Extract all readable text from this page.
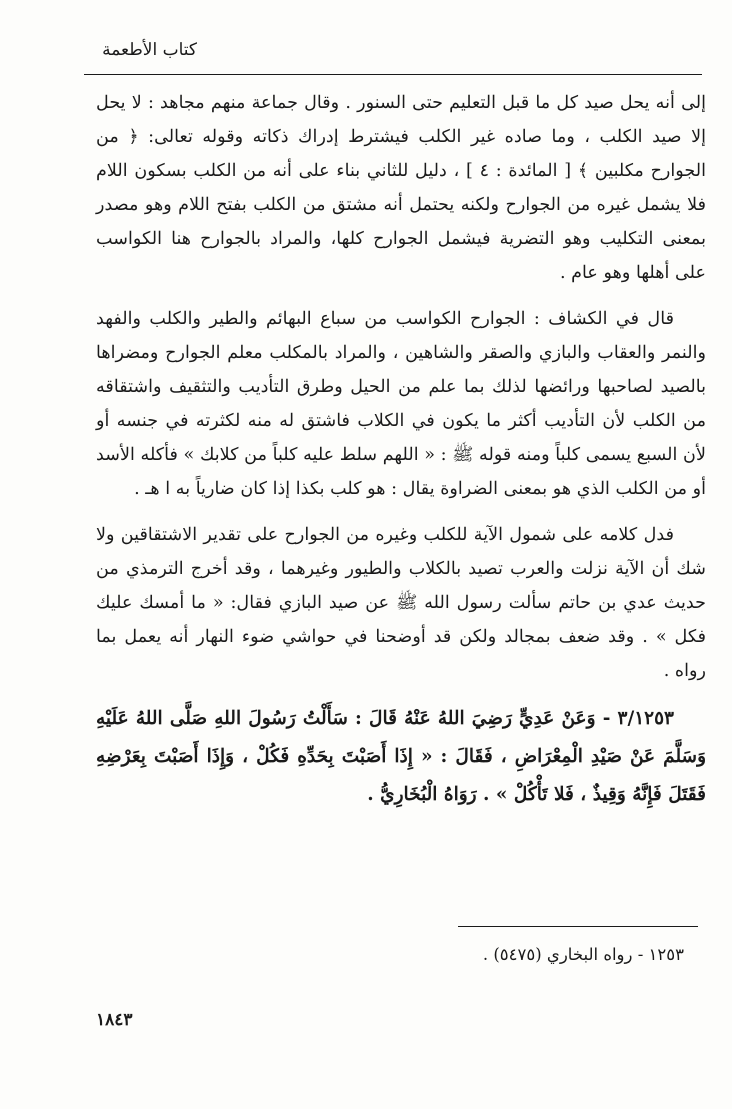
كتاب الأطعمة

إلى أنه يحل صيد كل ما قبل التعليم حتى السنور . وقال جماعة منهم مجاهد : لا يحل إلا صيد الكلب ، وما صاده غير الكلب فيشترط إدراك ذكاته وقوله تعالى: ﴿ من الجوارح مكلبين ﴾ [ المائدة : ٤ ] ، دليل للثاني بناء على أنه من الكلب بسكون اللام فلا يشمل غيره من الجوارح ولكنه يحتمل أنه مشتق من الكلب بفتح اللام وهو مصدر بمعنى التكليب وهو التضرية فيشمل الجوارح كلها، والمراد بالجوارح هنا الكواسب على أهلها وهو عام .

قال في الكشاف : الجوارح الكواسب من سباع البهائم والطير والكلب والفهد والنمر والعقاب والبازي والصقر والشاهين ، والمراد بالمكلب معلم الجوارح ومضراها بالصيد لصاحبها ورائضها لذلك بما علم من الحيل وطرق التأديب والتثقيف واشتقاقه من الكلب لأن التأديب أكثر ما يكون في الكلاب فاشتق له منه لكثرته في جنسه أو لأن السبع يسمى كلباً ومنه قوله ﷺ : « اللهم سلط عليه كلباً من كلابك » فأكله الأسد أو من الكلب الذي هو بمعنى الضراوة يقال : هو كلب بكذا إذا كان ضارياً به ا هـ .

فدل كلامه على شمول الآية للكلب وغيره من الجوارح على تقدير الاشتقاقين ولا شك أن الآية نزلت والعرب تصيد بالكلاب والطيور وغيرهما ، وقد أخرج الترمذي من حديث عدي بن حاتم سألت رسول الله ﷺ عن صيد البازي فقال: « ما أمسك عليك فكل » . وقد ضعف بمجالد ولكن قد أوضحنا في حواشي ضوء النهار أنه يعمل بما رواه .

٣/١٢٥٣ - وَعَنْ عَدِيٍّ رَضِيَ اللهُ عَنْهُ قَالَ : سَأَلْتُ رَسُولَ اللهِ صَلَّى اللهُ عَلَيْهِ وَسَلَّمَ عَنْ صَيْدِ الْمِعْرَاضِ ، فَقَالَ : « إِذَا أَصَبْتَ بِحَدِّهِ فَكُلْ ، وَإِذَا أَصَبْتَ بِعَرْضِهِ فَقَتَلَ فَإِنَّهُ وَقِيذٌ ، فَلا تَأْكُلْ » . رَوَاهُ الْبُخَارِيُّ .

١٢٥٣ - رواه البخاري (٥٤٧٥) .
١٨٤٣
